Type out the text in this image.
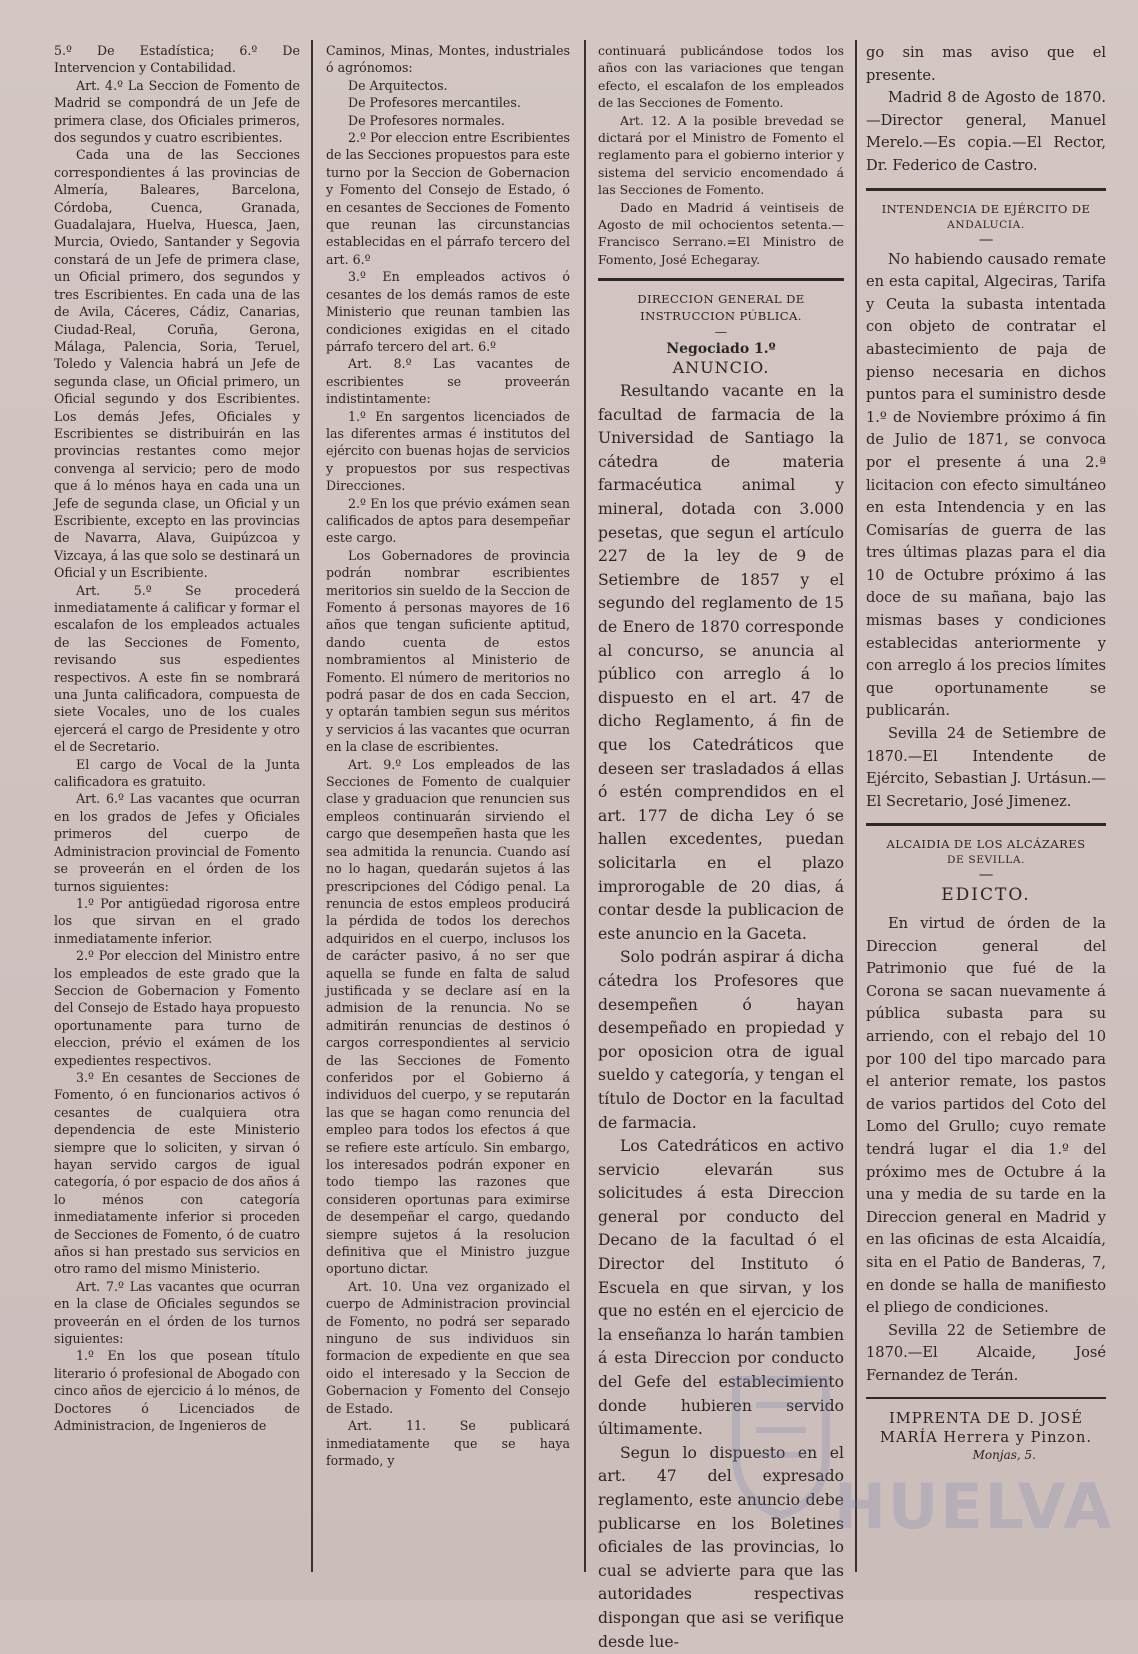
5.º De Estadística; 6.º De Intervencion y Contabilidad.

Art. 4.º La Seccion de Fomento de Madrid se compondrá de un Jefe de primera clase, dos Oficiales primeros, dos segundos y cuatro escribientes.

Cada una de las Secciones correspondientes á las provincias de Almería, Baleares, Barcelona, Córdoba, Cuenca, Granada, Guadalajara, Huelva, Huesca, Jaen, Murcia, Oviedo, Santander y Segovia constará de un Jefe de primera clase, un Oficial primero, dos segundos y tres Escribientes. En cada una de las de Avila, Cáceres, Cádiz, Canarias, Ciudad-Real, Coruña, Gerona, Málaga, Palencia, Soria, Teruel, Toledo y Valencia habrá un Jefe de segunda clase, un Oficial primero, un Oficial segundo y dos Escribientes. Los demás Jefes, Oficiales y Escribientes se distribuirán en las provincias restantes como mejor convenga al servicio; pero de modo que á lo ménos haya en cada una un Jefe de segunda clase, un Oficial y un Escribiente, excepto en las provincias de Navarra, Alava, Guipúzcoa y Vizcaya, á las que solo se destinará un Oficial y un Escribiente.

Art. 5.º Se procederá inmediatamente á calificar y formar el escalafon de los empleados actuales de las Secciones de Fomento, revisando sus espedientes respectivos. A este fin se nombrará una Junta calificadora, compuesta de siete Vocales, uno de los cuales ejercerá el cargo de Presidente y otro el de Secretario.

El cargo de Vocal de la Junta calificadora es gratuito.

Art. 6.º Las vacantes que ocurran en los grados de Jefes y Oficiales primeros del cuerpo de Administracion provincial de Fomento se proveerán en el órden de los turnos siguientes:

1.º Por antigüedad rigorosa entre los que sirvan en el grado inmediatamente inferior.

2.º Por eleccion del Ministro entre los empleados de este grado que la Seccion de Gobernacion y Fomento del Consejo de Estado haya propuesto oportunamente para turno de eleccion, prévio el exámen de los expedientes respectivos.

3.º En cesantes de Secciones de Fomento, ó en funcionarios activos ó cesantes de cualquiera otra dependencia de este Ministerio siempre que lo soliciten, y sirvan ó hayan servido cargos de igual categoría, ó por espacio de dos años á lo ménos con categoría inmediatamente inferior si proceden de Secciones de Fomento, ó de cuatro años si han prestado sus servicios en otro ramo del mismo Ministerio.

Art. 7.º Las vacantes que ocurran en la clase de Oficiales segundos se proveerán en el órden de los turnos siguientes:

1.º En los que posean título literario ó profesional de Abogado con cinco años de ejercicio á lo ménos, de Doctores ó Licenciados de Administracion, de Ingenieros de

Caminos, Minas, Montes, industriales ó agrónomos:

De Arquitectos.

De Profesores mercantiles.

De Profesores normales.

2.º Por eleccion entre Escribientes de las Secciones propuestos para este turno por la Seccion de Gobernacion y Fomento del Consejo de Estado, ó en cesantes de Secciones de Fomento que reunan las circunstancias establecidas en el párrafo tercero del art. 6.º

3.º En empleados activos ó cesantes de los demás ramos de este Ministerio que reunan tambien las condiciones exigidas en el citado párrafo tercero del art. 6.º

Art. 8.º Las vacantes de escribientes se proveerán indistintamente:

1.º En sargentos licenciados de las diferentes armas é institutos del ejército con buenas hojas de servicios y propuestos por sus respectivas Direcciones.

2.º En los que prévio exámen sean calificados de aptos para desempeñar este cargo.

Los Gobernadores de provincia podrán nombrar escribientes meritorios sin sueldo de la Seccion de Fomento á personas mayores de 16 años que tengan suficiente aptitud, dando cuenta de estos nombramientos al Ministerio de Fomento. El número de meritorios no podrá pasar de dos en cada Seccion, y optarán tambien segun sus méritos y servicios á las vacantes que ocurran en la clase de escribientes.

Art. 9.º Los empleados de las Secciones de Fomento de cualquier clase y graduacion que renuncien sus empleos continuarán sirviendo el cargo que desempeñen hasta que les sea admitida la renuncia. Cuando así no lo hagan, quedarán sujetos á las prescripciones del Código penal. La renuncia de estos empleos producirá la pérdida de todos los derechos adquiridos en el cuerpo, inclusos los de carácter pasivo, á no ser que aquella se funde en falta de salud justificada y se declare así en la admision de la renuncia. No se admitirán renuncias de destinos ó cargos correspondientes al servicio de las Secciones de Fomento conferidos por el Gobierno á individuos del cuerpo, y se reputarán las que se hagan como renuncia del empleo para todos los efectos á que se refiere este artículo. Sin embargo, los interesados podrán exponer en todo tiempo las razones que consideren oportunas para eximirse de desempeñar el cargo, quedando siempre sujetos á la resolucion definitiva que el Ministro juzgue oportuno dictar.

Art. 10. Una vez organizado el cuerpo de Administracion provincial de Fomento, no podrá ser separado ninguno de sus individuos sin formacion de expediente en que sea oido el interesado y la Seccion de Gobernacion y Fomento del Consejo de Estado.

Art. 11. Se publicará inmediatamente que se haya formado, y

continuará publicándose todos los años con las variaciones que tengan efecto, el escalafon de los empleados de las Secciones de Fomento.

Art. 12. A la posible brevedad se dictará por el Ministro de Fomento el reglamento para el gobierno interior y sistema del servicio encomendado á las Secciones de Fomento.

Dado en Madrid á veintiseis de Agosto de mil ochocientos setenta.—Francisco Serrano.=El Ministro de Fomento, José Echegaray.

DIRECCION GENERAL DE INSTRUCCION PÚBLICA.
—
Negociado 1.º
ANUNCIO.

Resultando vacante en la facultad de farmacia de la Universidad de Santiago la cátedra de materia farmacéutica animal y mineral, dotada con 3.000 pesetas, que segun el artículo 227 de la ley de 9 de Setiembre de 1857 y el segundo del reglamento de 15 de Enero de 1870 corresponde al concurso, se anuncia al público con arreglo á lo dispuesto en el art. 47 de dicho Reglamento, á fin de que los Catedráticos que deseen ser trasladados á ellas ó estén comprendidos en el art. 177 de dicha Ley ó se hallen excedentes, puedan solicitarla en el plazo improrogable de 20 dias, á contar desde la publicacion de este anuncio en la Gaceta.

Solo podrán aspirar á dicha cátedra los Profesores que desempeñen ó hayan desempeñado en propiedad y por oposicion otra de igual sueldo y categoría, y tengan el título de Doctor en la facultad de farmacia.

Los Catedráticos en activo servicio elevarán sus solicitudes á esta Direccion general por conducto del Decano de la facultad ó el Director del Instituto ó Escuela en que sirvan, y los que no estén en el ejercicio de la enseñanza lo harán tambien á esta Direccion por conducto del Gefe del establecimiento donde hubieren servido últimamente.

Segun lo dispuesto en el art. 47 del expresado reglamento, este anuncio debe publicarse en los Boletines oficiales de las provincias, lo cual se advierte para que las autoridades respectivas dispongan que asi se verifique desde lue-

go sin mas aviso que el presente.

Madrid 8 de Agosto de 1870.—Director general, Manuel Merelo.—Es copia.—El Rector, Dr. Federico de Castro.

INTENDENCIA DE EJÉRCITO DE
ANDALUCIA.
—

No habiendo causado remate en esta capital, Algeciras, Tarifa y Ceuta la subasta intentada con objeto de contratar el abastecimiento de paja de pienso necesaria en dichos puntos para el suministro desde 1.º de Noviembre próximo á fin de Julio de 1871, se convoca por el presente á una 2.ª licitacion con efecto simultáneo en esta Intendencia y en las Comisarías de guerra de las tres últimas plazas para el dia 10 de Octubre próximo á las doce de su mañana, bajo las mismas bases y condiciones establecidas anteriormente y con arreglo á los precios límites que oportunamente se publicarán.

Sevilla 24 de Setiembre de 1870.—El Intendente de Ejército, Sebastian J. Urtásun.—El Secretario, José Jimenez.

ALCAIDIA DE LOS ALCÁZARES
DE SEVILLA.
—
EDICTO.

En virtud de órden de la Direccion general del Patrimonio que fué de la Corona se sacan nuevamente á pública subasta para su arriendo, con el rebajo del 10 por 100 del tipo marcado para el anterior remate, los pastos de varios partidos del Coto del Lomo del Grullo; cuyo remate tendrá lugar el dia 1.º del próximo mes de Octubre á la una y media de su tarde en la Direccion general en Madrid y en las oficinas de esta Alcaidía, sita en el Patio de Banderas, 7, en donde se halla de manifiesto el pliego de condiciones.

Sevilla 22 de Setiembre de 1870.—El Alcaide, José Fernandez de Terán.

IMPRENTA DE D. JOSÉ MARÍA Herrera y Pinzon.
Monjas, 5.
HUELVA
